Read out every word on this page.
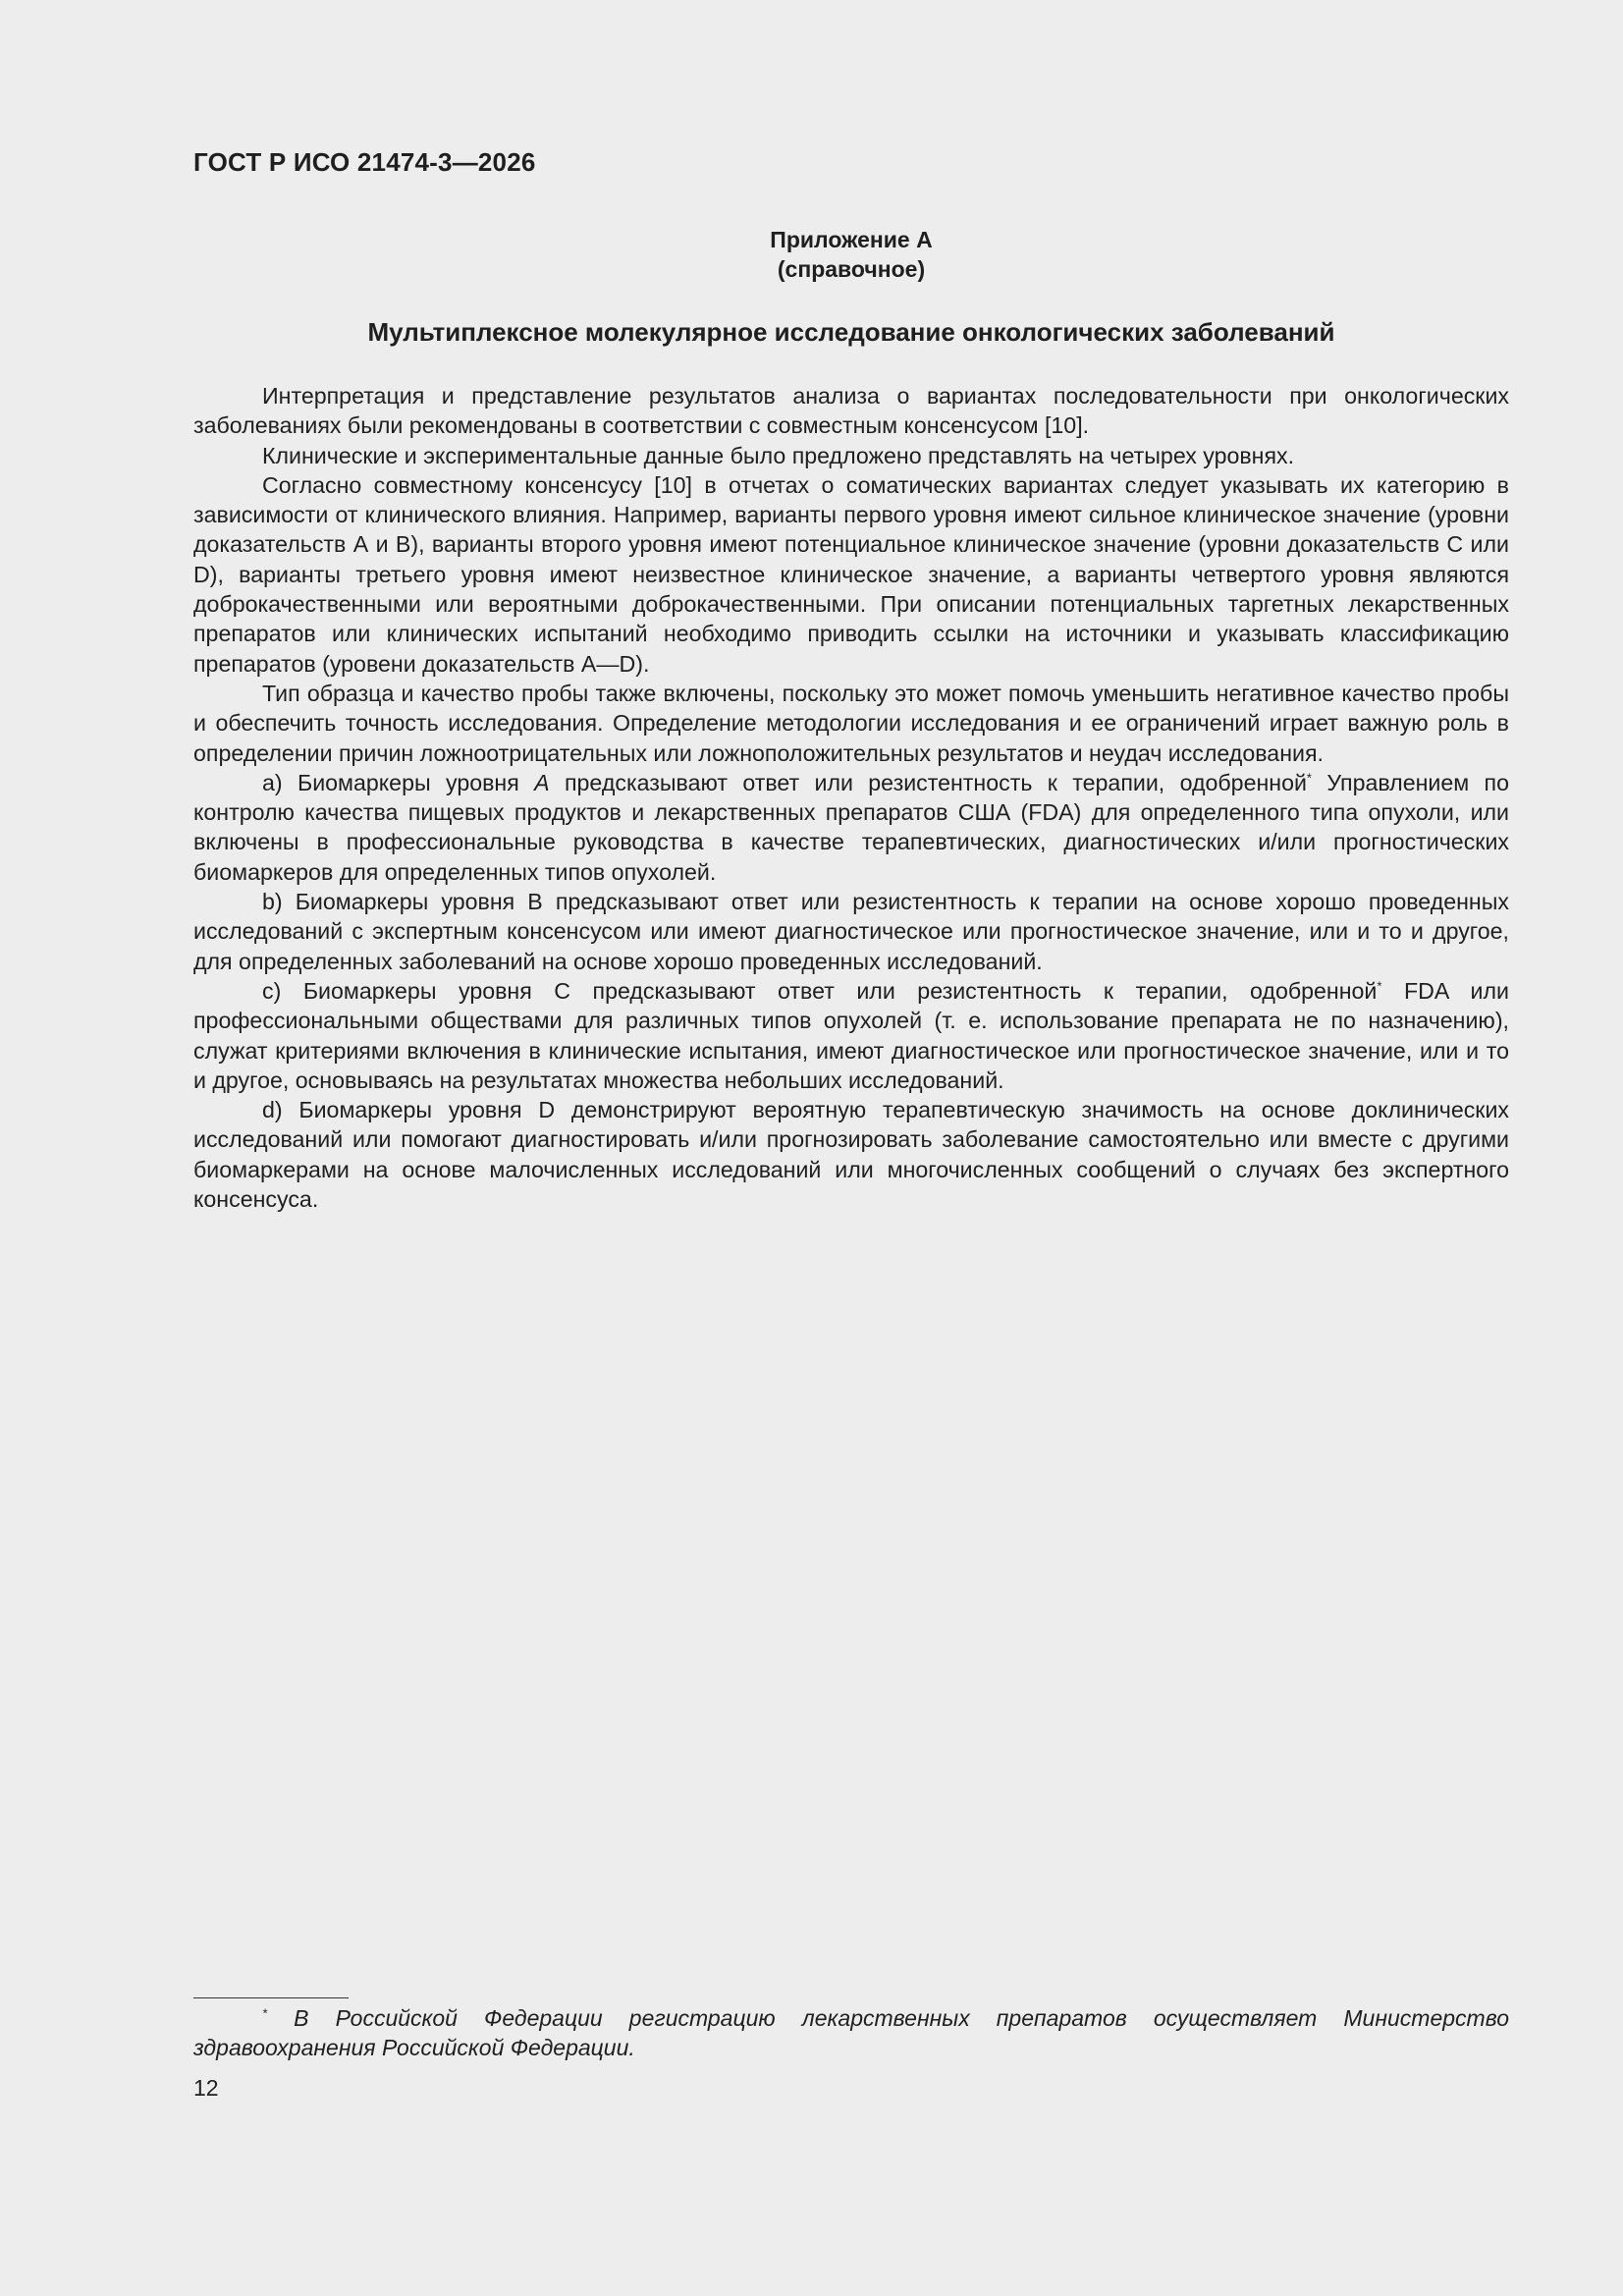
ГОСТ Р ИСО 21474-3—2026
Приложение А
(справочное)
Мультиплексное молекулярное исследование онкологических заболеваний

Интерпретация и представление результатов анализа о вариантах последовательности при онкологических заболеваниях были рекомендованы в соответствии с совместным консенсусом [10].

Клинические и экспериментальные данные было предложено представлять на четырех уровнях.

Согласно совместному консенсусу [10] в отчетах о соматических вариантах следует указывать их категорию в зависимости от клинического влияния. Например, варианты первого уровня имеют сильное клиническое значение (уровни доказательств А и В), варианты второго уровня имеют потенциальное клиническое значение (уровни доказательств С или D), варианты третьего уровня имеют неизвестное клиническое значение, а варианты четвертого уровня являются доброкачественными или вероятными доброкачественными. При описании потенциальных таргетных лекарственных препаратов или клинических испытаний необходимо приводить ссылки на источники и указывать классификацию препаратов (уровени доказательств А—D).

Тип образца и качество пробы также включены, поскольку это может помочь уменьшить негативное качество пробы и обеспечить точность исследования. Определение методологии исследования и ее ограничений играет важную роль в определении причин ложноотрицательных или ложноположительных результатов и неудач исследования.

a) Биомаркеры уровня А предсказывают ответ или резистентность к терапии, одобренной* Управлением по контролю качества пищевых продуктов и лекарственных препаратов США (FDA) для определенного типа опухоли, или включены в профессиональные руководства в качестве терапевтических, диагностических и/или прогностических биомаркеров для определенных типов опухолей.

b) Биомаркеры уровня В предсказывают ответ или резистентность к терапии на основе хорошо проведенных исследований с экспертным консенсусом или имеют диагностическое или прогностическое значение, или и то и другое, для определенных заболеваний на основе хорошо проведенных исследований.

c) Биомаркеры уровня С предсказывают ответ или резистентность к терапии, одобренной* FDA или профессиональными обществами для различных типов опухолей (т. е. использование препарата не по назначению), служат критериями включения в клинические испытания, имеют диагностическое или прогностическое значение, или и то и другое, основываясь на результатах множества небольших исследований.

d) Биомаркеры уровня D демонстрируют вероятную терапевтическую значимость на основе доклинических исследований или помогают диагностировать и/или прогнозировать заболевание самостоятельно или вместе с другими биомаркерами на основе малочисленных исследований или многочисленных сообщений о случаях без экспертного консенсуса.

* В Российской Федерации регистрацию лекарственных препаратов осуществляет Министерство здравоохранения Российской Федерации.
12
